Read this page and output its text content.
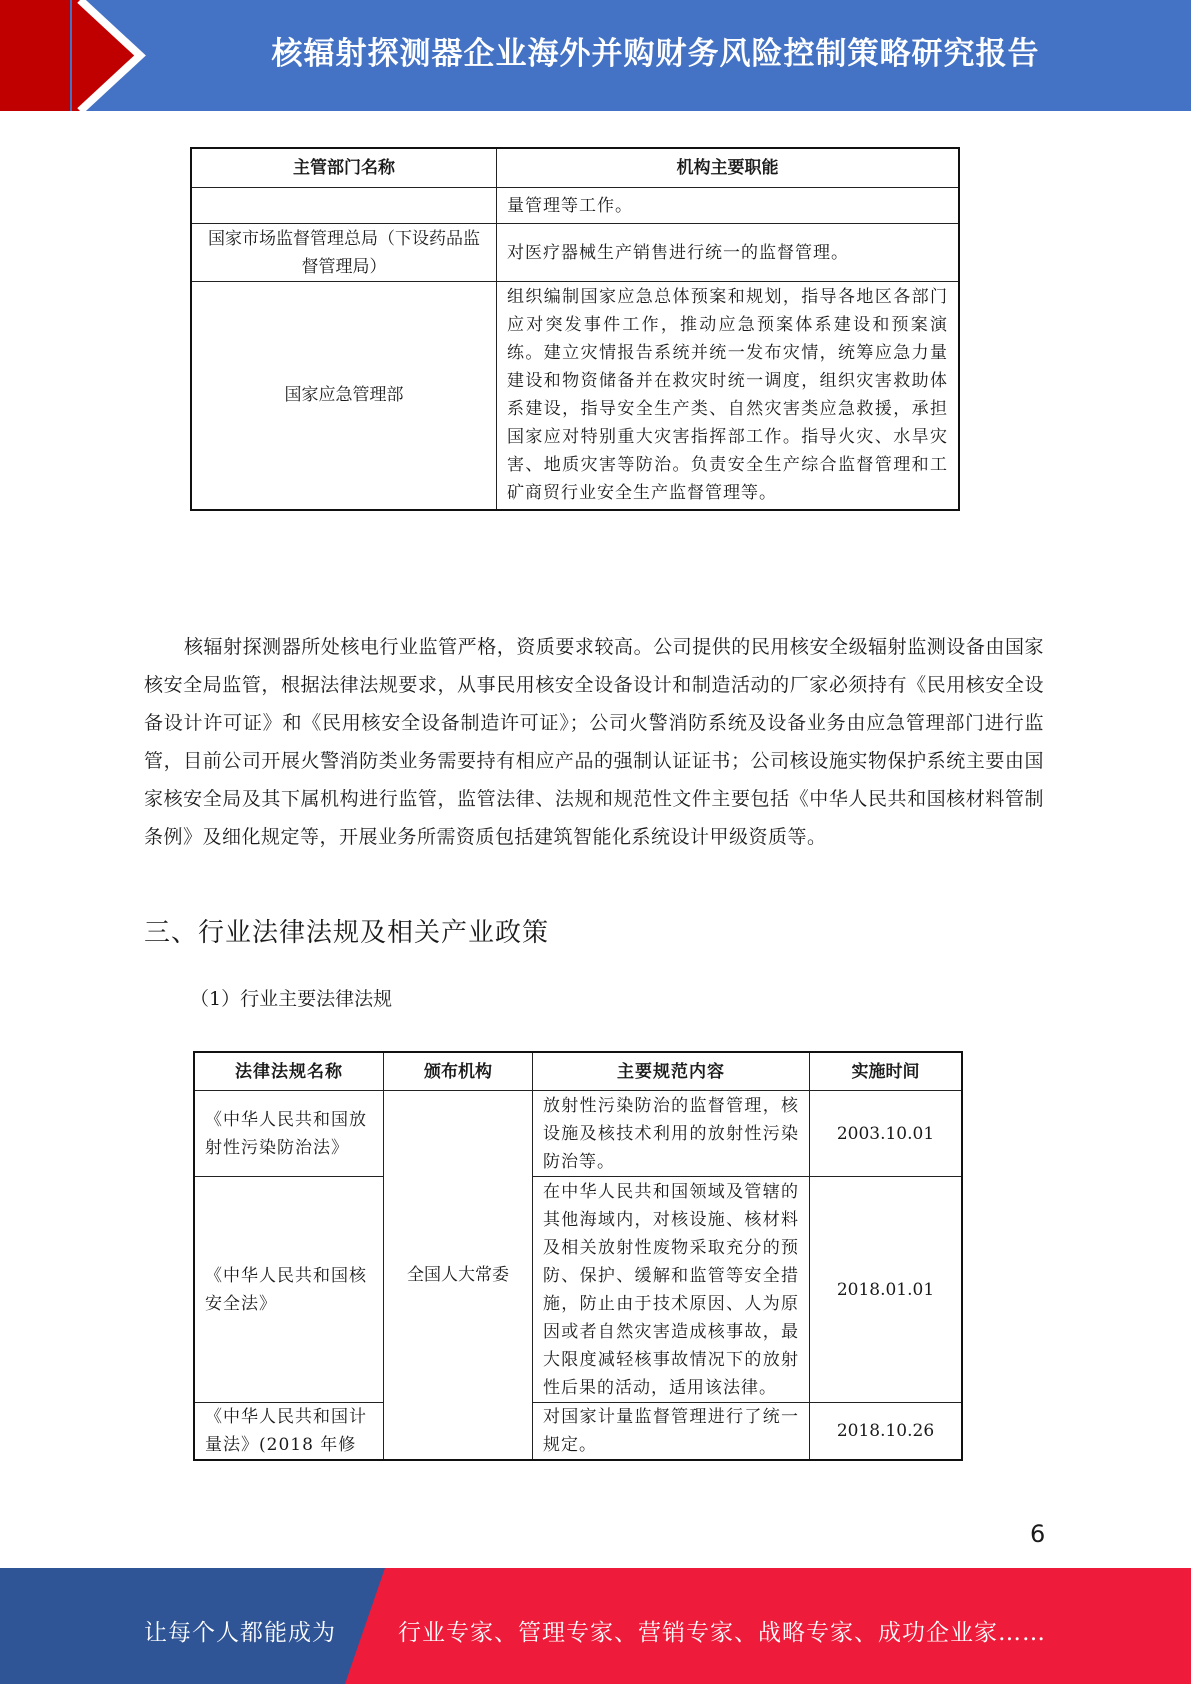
核辐射探测器企业海外并购财务风险控制策略研究报告
主管部门名称	机构主要职能
	量管理等工作。
国家市场监督管理总局（下设药品监督管理局）	对医疗器械生产销售进行统一的监督管理。
国家应急管理部	组织编制国家应急总体预案和规划，指导各地区各部门应对突发事件工作，推动应急预案体系建设和预案演练。建立灾情报告系统并统一发布灾情，统筹应急力量建设和物资储备并在救灾时统一调度，组织灾害救助体系建设，指导安全生产类、自然灾害类应急救援，承担国家应对特别重大灾害指挥部工作。指导火灾、水旱灾害、地质灾害等防治。负责安全生产综合监督管理和工矿商贸行业安全生产监督管理等。
核辐射探测器所处核电行业监管严格，资质要求较高。公司提供的民用核安全级辐射监测设备由国家核安全局监管，根据法律法规要求，从事民用核安全设备设计和制造活动的厂家必须持有《民用核安全设备设计许可证》和《民用核安全设备制造许可证》；公司火警消防系统及设备业务由应急管理部门进行监管，目前公司开展火警消防类业务需要持有相应产品的强制认证证书；公司核设施实物保护系统主要由国家核安全局及其下属机构进行监管，监管法律、法规和规范性文件主要包括《中华人民共和国核材料管制条例》及细化规定等，开展业务所需资质包括建筑智能化系统设计甲级资质等。
三、行业法律法规及相关产业政策
（1）行业主要法律法规
法律法规名称	颁布机构	主要规范内容	实施时间
《中华人民共和国放射性污染防治法》	全国人大常委	放射性污染防治的监督管理，核设施及核技术利用的放射性污染防治等。	2003.10.01
《中华人民共和国核安全法》		在中华人民共和国领域及管辖的其他海域内，对核设施、核材料及相关放射性废物采取充分的预防、保护、缓解和监管等安全措施，防止由于技术原因、人为原因或者自然灾害造成核事故，最大限度减轻核事故情况下的放射性后果的活动，适用该法律。	2018.01.01
《中华人民共和国计量法》(2018 年修		对国家计量监督管理进行了统一规定。	2018.10.26
6
让每个人都能成为	行业专家、管理专家、营销专家、战略专家、成功企业家……
